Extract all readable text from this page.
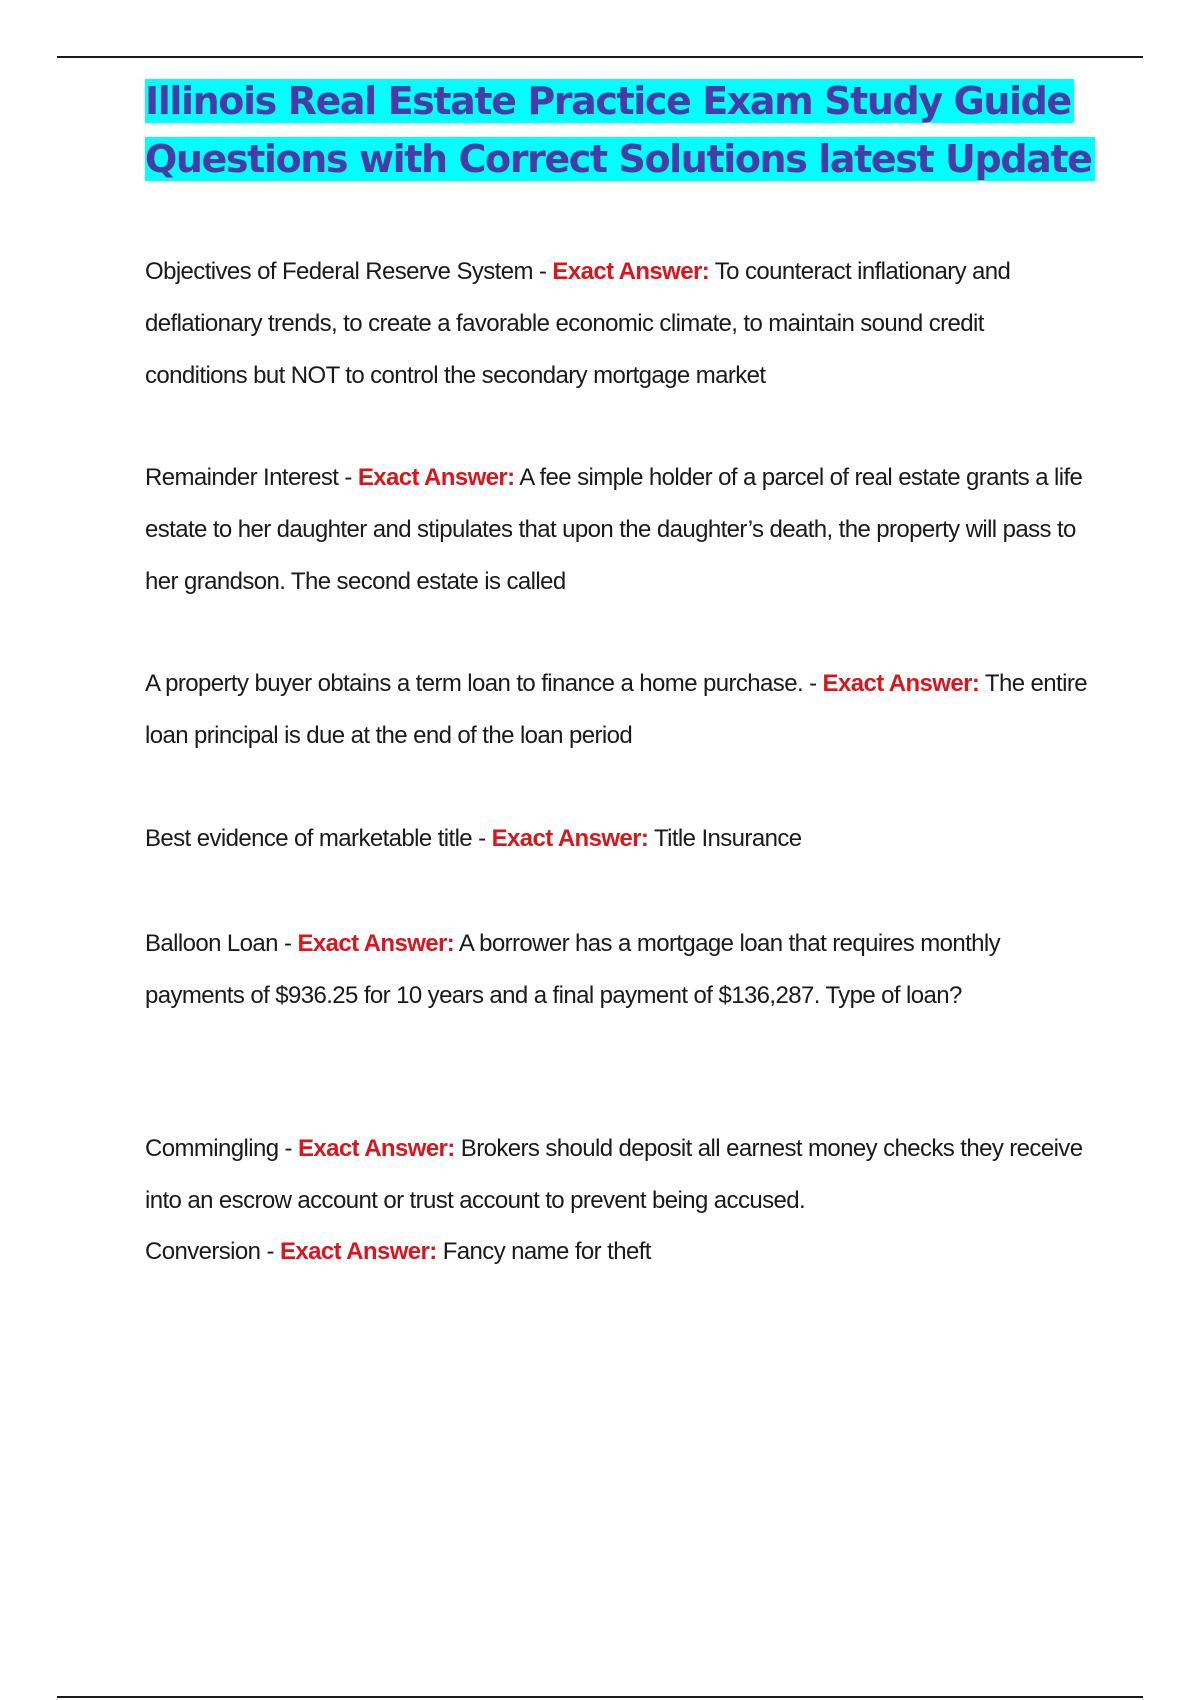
Illinois Real Estate Practice Exam Study Guide
Questions with Correct Solutions latest Update

Objectives of Federal Reserve System - Exact Answer: To counteract inflationary and deflationary trends, to create a favorable economic climate, to maintain sound credit conditions but NOT to control the secondary mortgage market

Remainder Interest - Exact Answer: A fee simple holder of a parcel of real estate grants a life estate to her daughter and stipulates that upon the daughter’s death, the property will pass to her grandson. The second estate is called

A property buyer obtains a term loan to finance a home purchase. - Exact Answer: The entire loan principal is due at the end of the loan period

Best evidence of marketable title - Exact Answer: Title Insurance

Balloon Loan - Exact Answer: A borrower has a mortgage loan that requires monthly payments of $936.25 for 10 years and a final payment of $136,287. Type of loan?

Commingling - Exact Answer: Brokers should deposit all earnest money checks they receive into an escrow account or trust account to prevent being accused.

Conversion - Exact Answer: Fancy name for theft
